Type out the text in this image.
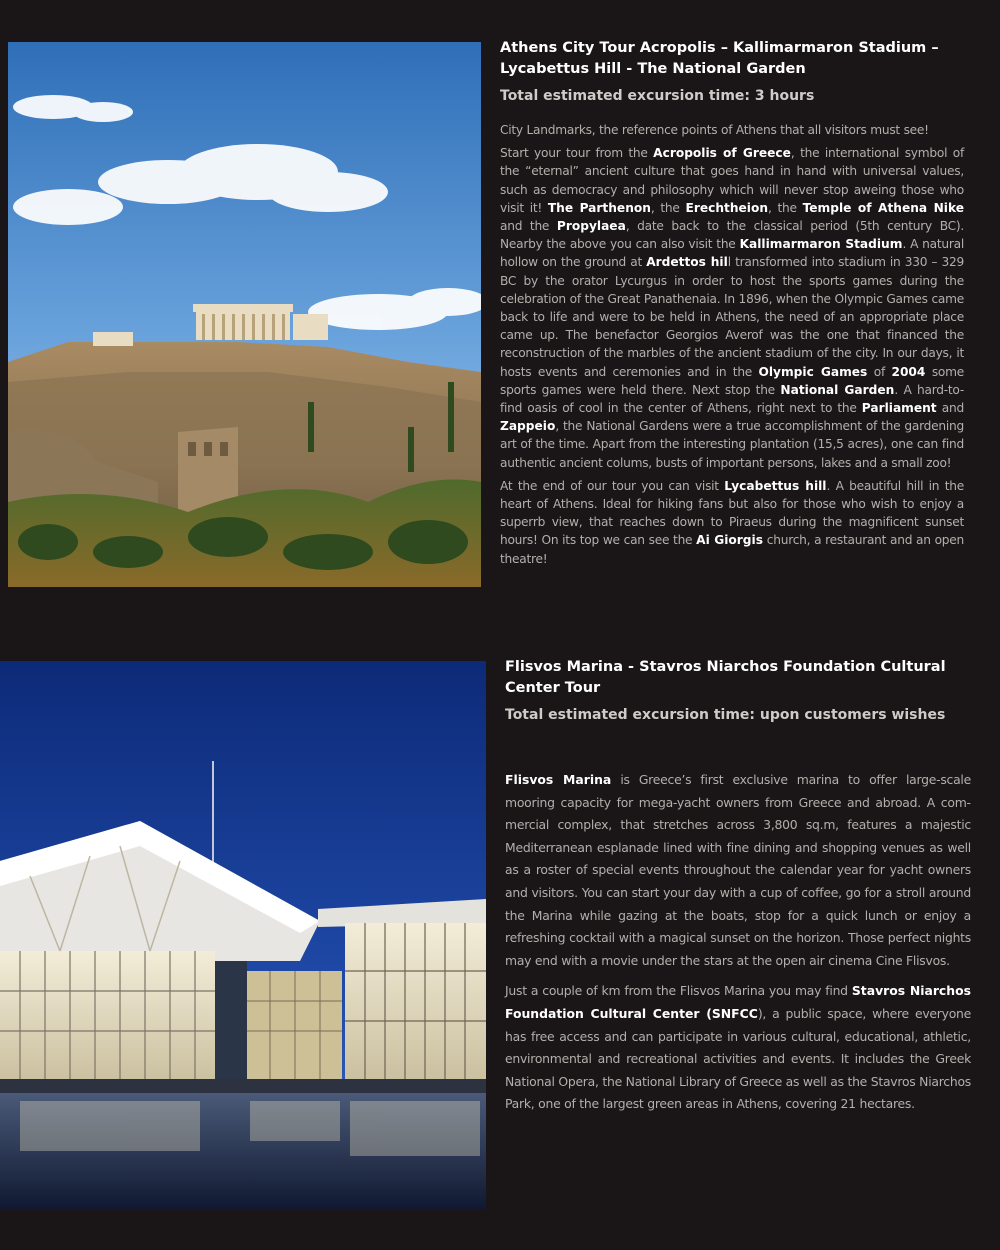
Athens City Tour Acropolis – Kallimarmaron Stadium – Lycabettus Hill - The National Garden
Total estimated excursion time: 3 hours

City Landmarks, the reference points of Athens that all visitors must see!

Start your tour from the Acropolis of Greece, the international symbol of the “eternal” ancient culture that goes hand in hand with universal values, such as democracy and philosophy which will never stop aweing those who visit it! The Parthenon, the Erechtheion, the Temple of Athena Nike and the Propylaea, date back to the classical period (5th century BC). Nearby the above you can also visit the Kallimarmaron Stadium. A natural hollow on the ground at Ardettos hill transformed into stadium in 330 – 329 BC by the orator Lycurgus in order to host the sports games during the celebration of the Great Panathenaia. In 1896, when the Olympic Games came back to life and were to be held in Athens, the need of an appropriate place came up. The benefactor Georgios Averof was the one that financed the reconstruction of the marbles of the ancient stadium of the city. In our days, it hosts events and ceremonies and in the Olympic Games of 2004 some sports games were held there. Next stop the National Garden. A hard-to-find oasis of cool in the center of Athens, right next to the Parliament and Zappeio, the National Gardens were a true accomplishment of the gardening art of the time. Apart from the interesting plantation (15,5 acres), one can find authentic ancient colums, busts of important persons, lakes and a small zoo!

At the end of our tour you can visit Lycabettus hill. A beautiful hill in the heart of Athens. Ideal for hiking fans but also for those who wish to enjoy a superrb view, that reaches down to Piraeus during the magnificent sunset hours! On its top we can see the Ai Giorgis church, a restaurant and an open theatre!

Flisvos Marina - Stavros Niarchos Foundation Cultural Center Tour
Total estimated excursion time: upon customers wishes

Flisvos Marina is Greece’s first exclusive marina to offer large-scale mooring capacity for mega-yacht owners from Greece and abroad. A commercial complex, that stretches across 3,800 sq.m, features a majestic Mediterranean esplanade lined with fine dining and shopping venues as well as a roster of special events throughout the calendar year for yacht owners and visitors. You can start your day with a cup of coffee, go for a stroll around the Marina while gazing at the boats, stop for a quick lunch or enjoy a refreshing cocktail with a magical sunset on the horizon. Those perfect nights may end with a movie under the stars at the open air cinema Cine Flisvos.

Just a couple of km from the Flisvos Marina you may find Stavros Niarchos Foundation Cultural Center (SNFCC), a public space, where everyone has free access and can participate in various cultural, educational, athletic, environmental and recreational activities and events. It includes the Greek National Opera, the National Library of Greece as well as the Stavros Niarchos Park, one of the largest green areas in Athens, covering 21 hectares.
